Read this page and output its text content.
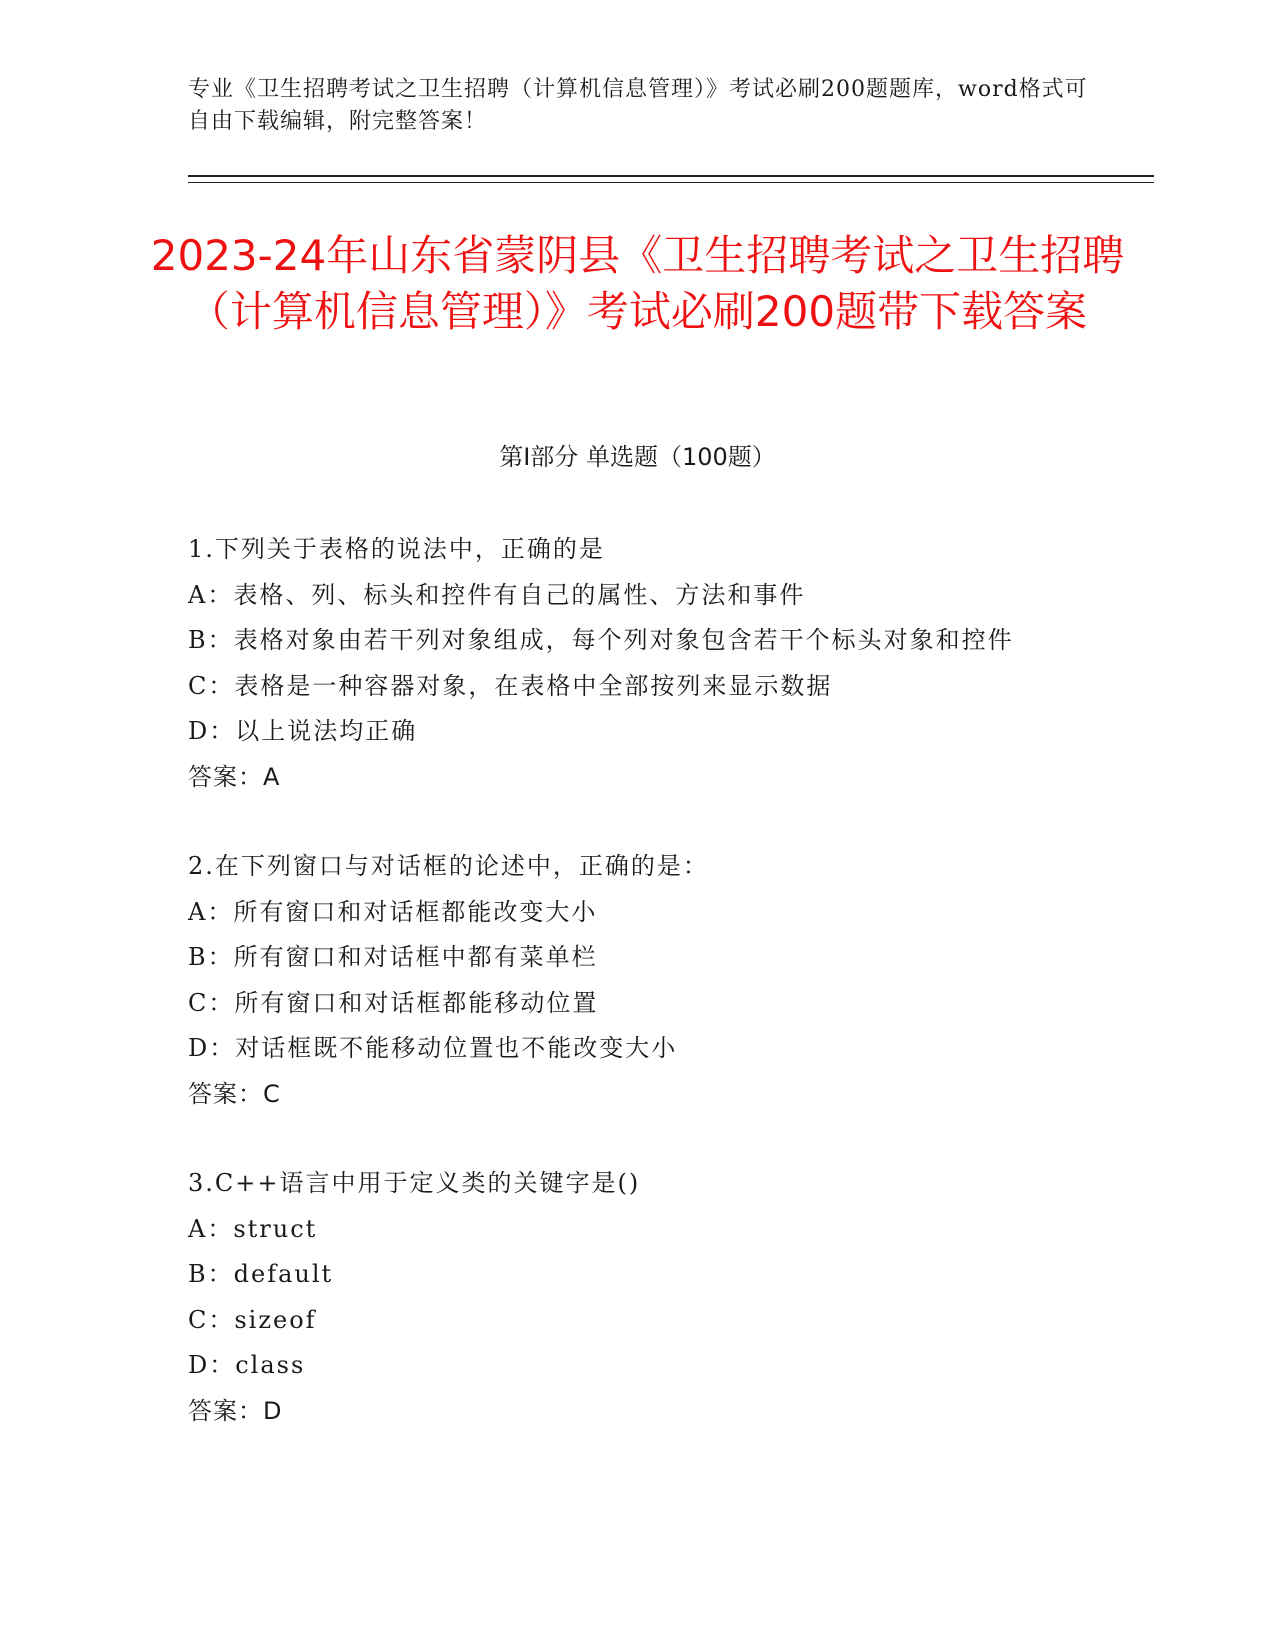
专业《卫生招聘考试之卫生招聘（计算机信息管理）》考试必刷200题题库，word格式可自由下载编辑，附完整答案！
2023-24年山东省蒙阴县《卫生招聘考试之卫生招聘（计算机信息管理）》考试必刷200题带下载答案
第Ⅰ部分 单选题（100题）
1.下列关于表格的说法中，正确的是
A：表格、列、标头和控件有自己的属性、方法和事件
B：表格对象由若干列对象组成，每个列对象包含若干个标头对象和控件
C：表格是一种容器对象，在表格中全部按列来显示数据
D：以上说法均正确
答案：A
2.在下列窗口与对话框的论述中，正确的是：
A：所有窗口和对话框都能改变大小
B：所有窗口和对话框中都有菜单栏
C：所有窗口和对话框都能移动位置
D：对话框既不能移动位置也不能改变大小
答案：C
3.C++语言中用于定义类的关键字是()
A：struct
B：default
C：sizeof
D：class
答案：D
